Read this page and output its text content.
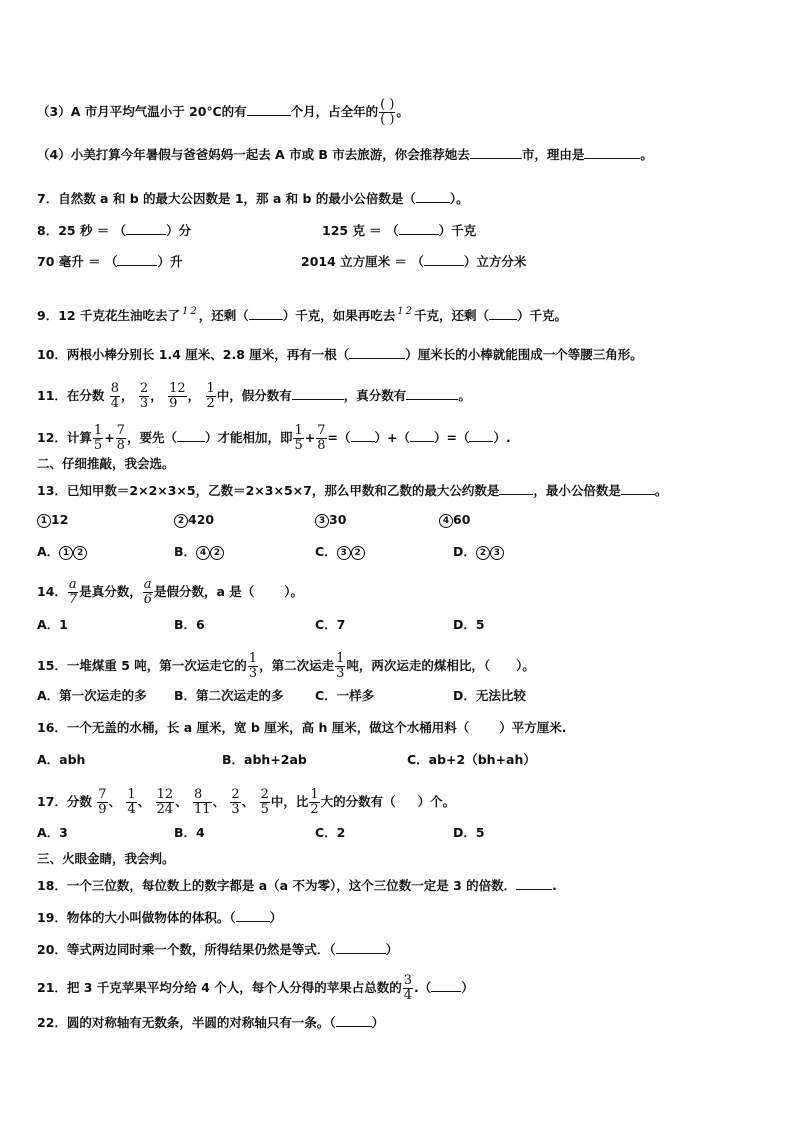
（3）A 市月平均气温小于 20℃的有	个月，占全年的$\frac{( )}{( )}$。
（4）小美打算今年暑假与爸爸妈妈一起去 A 市或 B 市去旅游，你会推荐她去	市，理由是	。
7．自然数 a 和 b 的最大公因数是 1，那 a 和 b 的最小公倍数是（	）。
8．25 秒 ＝ （	）分	125 克 ＝ （	）千克
70 毫升 ＝ （	）升	2014 立方厘米 ＝ （	）立方分米
9．12 千克花生油吃去了 1 2 ，还剩（	）千克，如果再吃去 1 2 千克，还剩（ ）千克。
10．两根小棒分别长 1.4 厘米、2.8 厘米，再有一根（	）厘米长的小棒就能围成一个等腰三角形。
11．在分数 $\frac{8}{4}$， $\frac{2}{3}$， $\frac{12}{9}$， $\frac{1}{2}$中，假分数有	，真分数有	。
12．计算$\frac{1}{5}+\frac{7}{8}$，要先（ ）才能相加，即$\frac{1}{5}+\frac{7}{8}=$（ ）+（ ）=（ ）.
二、仔细推敲，我会选。
13．已知甲数＝2×2×3×5，乙数＝2×3×5×7，那么甲数和乙数的最大公约数是	，最小公倍数是	。
1 12	2 420	3 30	4 60
A． 1 2	B． 4 2	C． 3 2	D． 2 3
14．$\frac{a}{7}$是真分数，$\frac{a}{6}$是假分数，a 是（ ）。
A．1	B．6	C．7	D．5
15．一堆煤重 5 吨，第一次运走它的$\frac{1}{3}$，第二次运走$\frac{1}{3}$吨，两次运走的煤相比，（ ）。
A．第一次运走的多 B．第二次运走的多	C．一样多	D．无法比较
16．一个无盖的水桶，长 a 厘米，宽 b 厘米，高 h 厘米，做这个水桶用料（ ）平方厘米.
A．abh	B．abh+2ab	C．ab+2（bh+ah）
17．分数 $\frac{7}{9}$、 $\frac{1}{4}$、 $\frac{12}{24}$、 $\frac{8}{11}$、 $\frac{2}{3}$、 $\frac{2}{5}$中，比$\frac{1}{2}$大的分数有（ ）个。
A．3	B．4	C．2	D．5
三、火眼金睛，我会判。
18．一个三位数，每位数上的数字都是 a（a 不为零），这个三位数一定是 3 的倍数．	.
19．物体的大小叫做物体的体积。（	）
20．等式两边同时乘一个数，所得结果仍然是等式．（	）
21．把 3 千克苹果平均分给 4 个人，每个人分得的苹果占总数的$\frac{3}{4}$.（ ）
22．圆的对称轴有无数条，半圆的对称轴只有一条。（	）
